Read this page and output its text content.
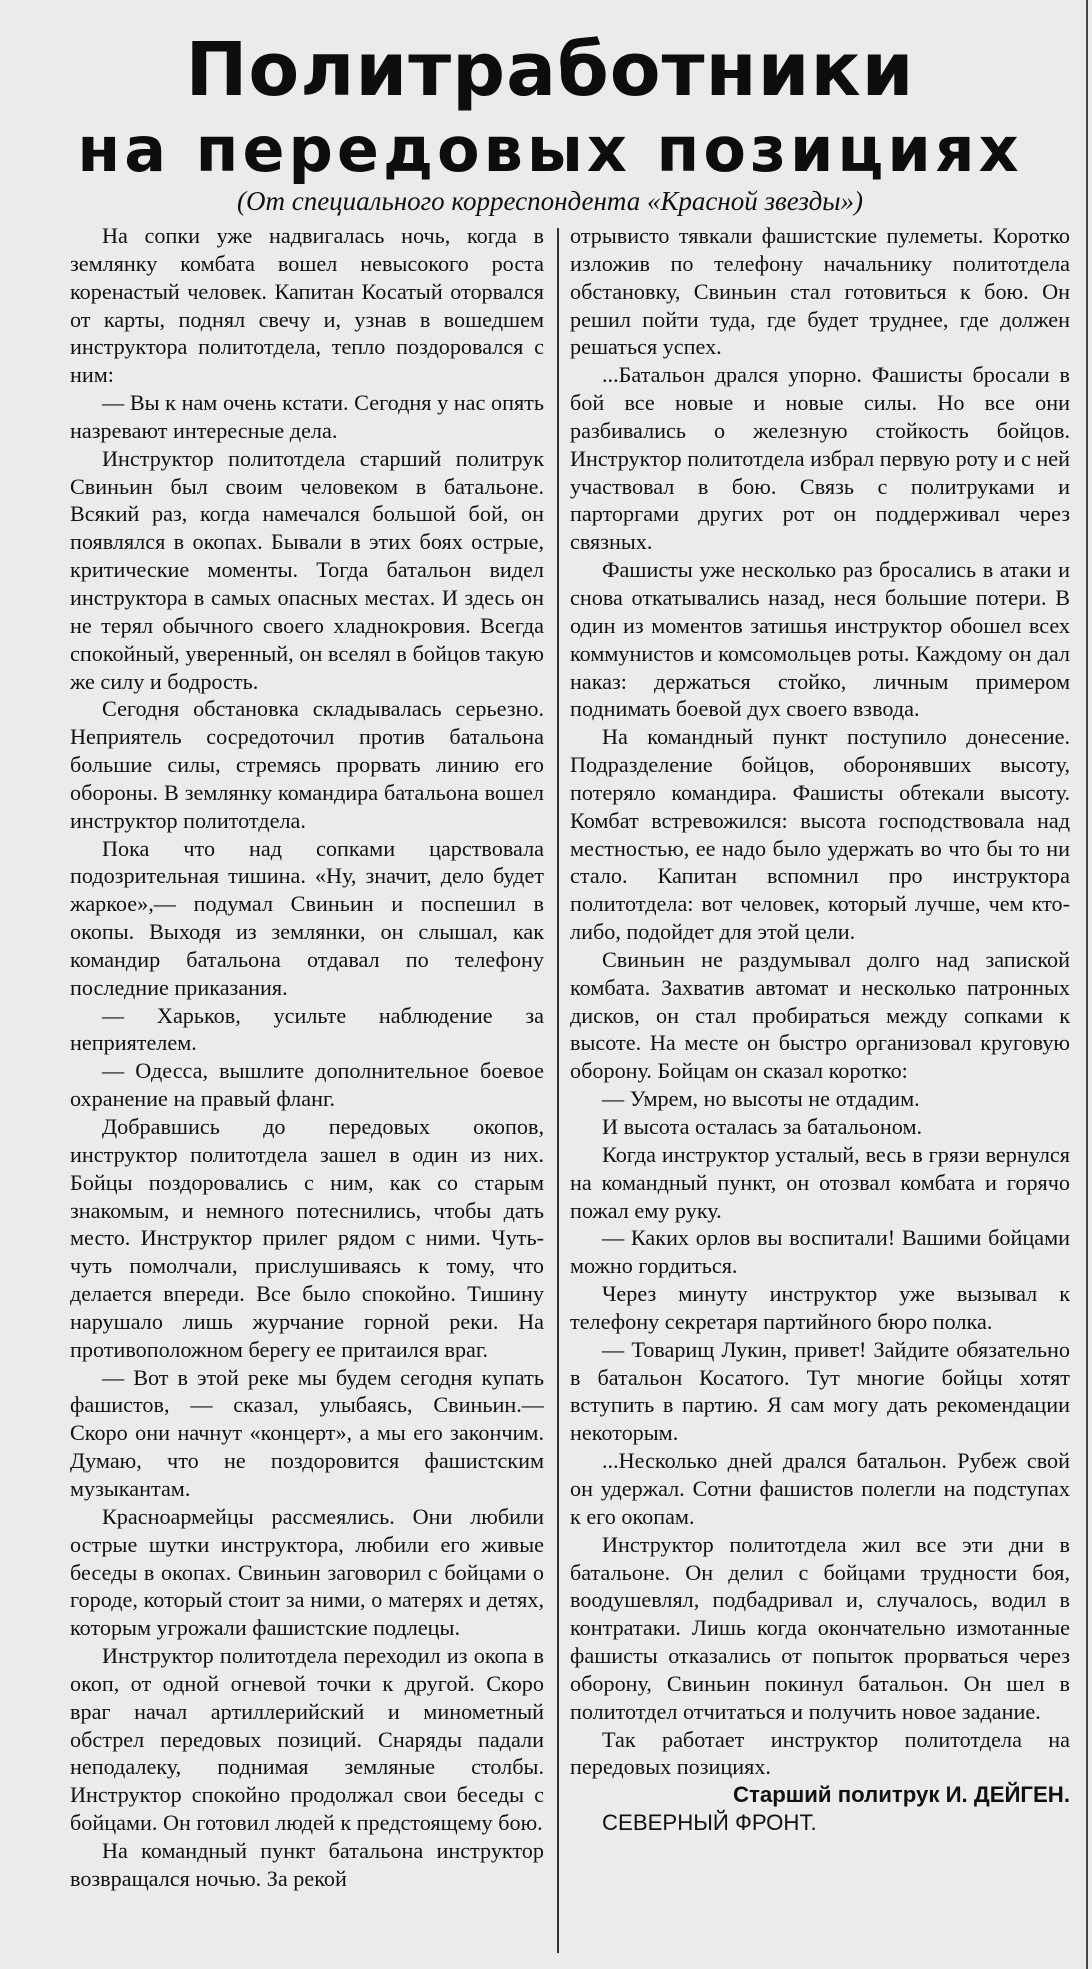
Политработники
на передовых позициях

(От специального корреспондента «Красной звезды»)

На сопки уже надвигалась ночь, когда в землянку комбата вошел невысокого роста коренастый человек. Капитан Косатый оторвался от карты, поднял свечу и, узнав в вошедшем инструктора политотдела, тепло поздоровался с ним:

— Вы к нам очень кстати. Сегодня у нас опять назревают интересные дела.

Инструктор политотдела старший политрук Свиньин был своим человеком в батальоне. Всякий раз, когда намечался большой бой, он появлялся в окопах. Бывали в этих боях острые, критические моменты. Тогда батальон видел инструктора в самых опасных местах. И здесь он не терял обычного своего хладнокровия. Всегда спокойный, уверенный, он вселял в бойцов такую же силу и бодрость.

Сегодня обстановка складывалась серьезно. Неприятель сосредоточил против батальона большие силы, стремясь прорвать линию его обороны. В землянку командира батальона вошел инструктор политотдела.

Пока что над сопками царствовала подозрительная тишина. «Ну, значит, дело будет жаркое»,— подумал Свиньин и поспешил в окопы. Выходя из землянки, он слышал, как командир батальона отдавал по телефону последние приказания.

— Харьков, усильте наблюдение за неприятелем.

— Одесса, вышлите дополнительное боевое охранение на правый фланг.

Добравшись до передовых окопов, инструктор политотдела зашел в один из них. Бойцы поздоровались с ним, как со старым знакомым, и немного потеснились, чтобы дать место. Инструктор прилег рядом с ними. Чуть-чуть помолчали, прислушиваясь к тому, что делается впереди. Все было спокойно. Тишину нарушало лишь журчание горной реки. На противоположном берегу ее притаился враг.

— Вот в этой реке мы будем сегодня купать фашистов, — сказал, улыбаясь, Свиньин.— Скоро они начнут «концерт», а мы его закончим. Думаю, что не поздоровится фашистским музыкантам.

Красноармейцы рассмеялись. Они любили острые шутки инструктора, любили его живые беседы в окопах. Свиньин заговорил с бойцами о городе, который стоит за ними, о матерях и детях, которым угрожали фашистские подлецы.

Инструктор политотдела переходил из окопа в окоп, от одной огневой точки к другой. Скоро враг начал артиллерийский и минометный обстрел передовых позиций. Снаряды падали неподалеку, поднимая земляные столбы. Инструктор спокойно продолжал свои беседы с бойцами. Он готовил людей к предстоящему бою.

На командный пункт батальона инструктор возвращался ночью. За рекой

отрывисто тявкали фашистские пулеметы. Коротко изложив по телефону начальнику политотдела обстановку, Свиньин стал готовиться к бою. Он решил пойти туда, где будет труднее, где должен решаться успех.

...Батальон дрался упорно. Фашисты бросали в бой все новые и новые силы. Но все они разбивались о железную стойкость бойцов. Инструктор политотдела избрал первую роту и с ней участвовал в бою. Связь с политруками и парторгами других рот он поддерживал через связных.

Фашисты уже несколько раз бросались в атаки и снова откатывались назад, неся большие потери. В один из моментов затишья инструктор обошел всех коммунистов и комсомольцев роты. Каждому он дал наказ: держаться стойко, личным примером поднимать боевой дух своего взвода.

На командный пункт поступило донесение. Подразделение бойцов, оборонявших высоту, потеряло командира. Фашисты обтекали высоту. Комбат встревожился: высота господствовала над местностью, ее надо было удержать во что бы то ни стало. Капитан вспомнил про инструктора политотдела: вот человек, который лучше, чем кто-либо, подойдет для этой цели.

Свиньин не раздумывал долго над запиской комбата. Захватив автомат и несколько патронных дисков, он стал пробираться между сопками к высоте. На месте он быстро организовал круговую оборону. Бойцам он сказал коротко:

— Умрем, но высоты не отдадим.

И высота осталась за батальоном.

Когда инструктор усталый, весь в грязи вернулся на командный пункт, он отозвал комбата и горячо пожал ему руку.

— Каких орлов вы воспитали! Вашими бойцами можно гордиться.

Через минуту инструктор уже вызывал к телефону секретаря партийного бюро полка.

— Товарищ Лукин, привет! Зайдите обязательно в батальон Косатого. Тут многие бойцы хотят вступить в партию. Я сам могу дать рекомендации некоторым.

...Несколько дней дрался батальон. Рубеж свой он удержал. Сотни фашистов полегли на подступах к его окопам.

Инструктор политотдела жил все эти дни в батальоне. Он делил с бойцами трудности боя, воодушевлял, подбадривал и, случалось, водил в контратаки. Лишь когда окончательно измотанные фашисты отказались от попыток прорваться через оборону, Свиньин покинул батальон. Он шел в политотдел отчитаться и получить новое задание.

Так работает инструктор политотдела на передовых позициях.

Старший политрук И. ДЕЙГЕН.

СЕВЕРНЫЙ ФРОНТ.
